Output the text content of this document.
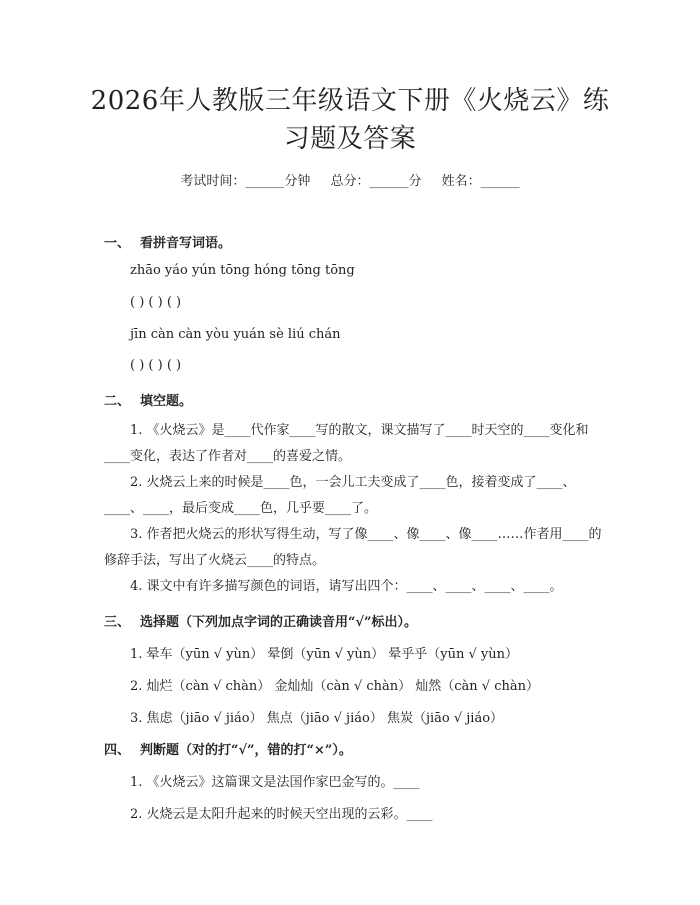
2026年人教版三年级语文下册《火烧云》练习题及答案
考试时间：______分钟 总分：______分 姓名：______
一、 看拼音写词语。
zhāo yáo yún tōng hóng tōng tōng
( ) ( ) ( )
jīn càn càn yòu yuán sè liú chán
( ) ( ) ( )
二、 填空题。
1. 《火烧云》是____代作家____写的散文，课文描写了____时天空的____变化和____变化，表达了作者对____的喜爱之情。
2. 火烧云上来的时候是____色，一会儿工夫变成了____色，接着变成了____、____、____，最后变成____色，几乎要____了。
3. 作者把火烧云的形状写得生动，写了像____、像____、像____……作者用____的修辞手法，写出了火烧云____的特点。
4. 课文中有许多描写颜色的词语，请写出四个：____、____、____、____。
三、 选择题（下列加点字词的正确读音用“√”标出）。
1. 晕车（yūn √ yùn） 晕倒（yūn √ yùn） 晕乎乎（yūn √ yùn）
2. 灿烂（càn √ chàn） 金灿灿（càn √ chàn） 灿然（càn √ chàn）
3. 焦虑（jiāo √ jiáo） 焦点（jiāo √ jiáo） 焦炭（jiāo √ jiáo）
四、 判断题（对的打“√”，错的打“×”）。
1. 《火烧云》这篇课文是法国作家巴金写的。____
2. 火烧云是太阳升起来的时候天空出现的云彩。____
